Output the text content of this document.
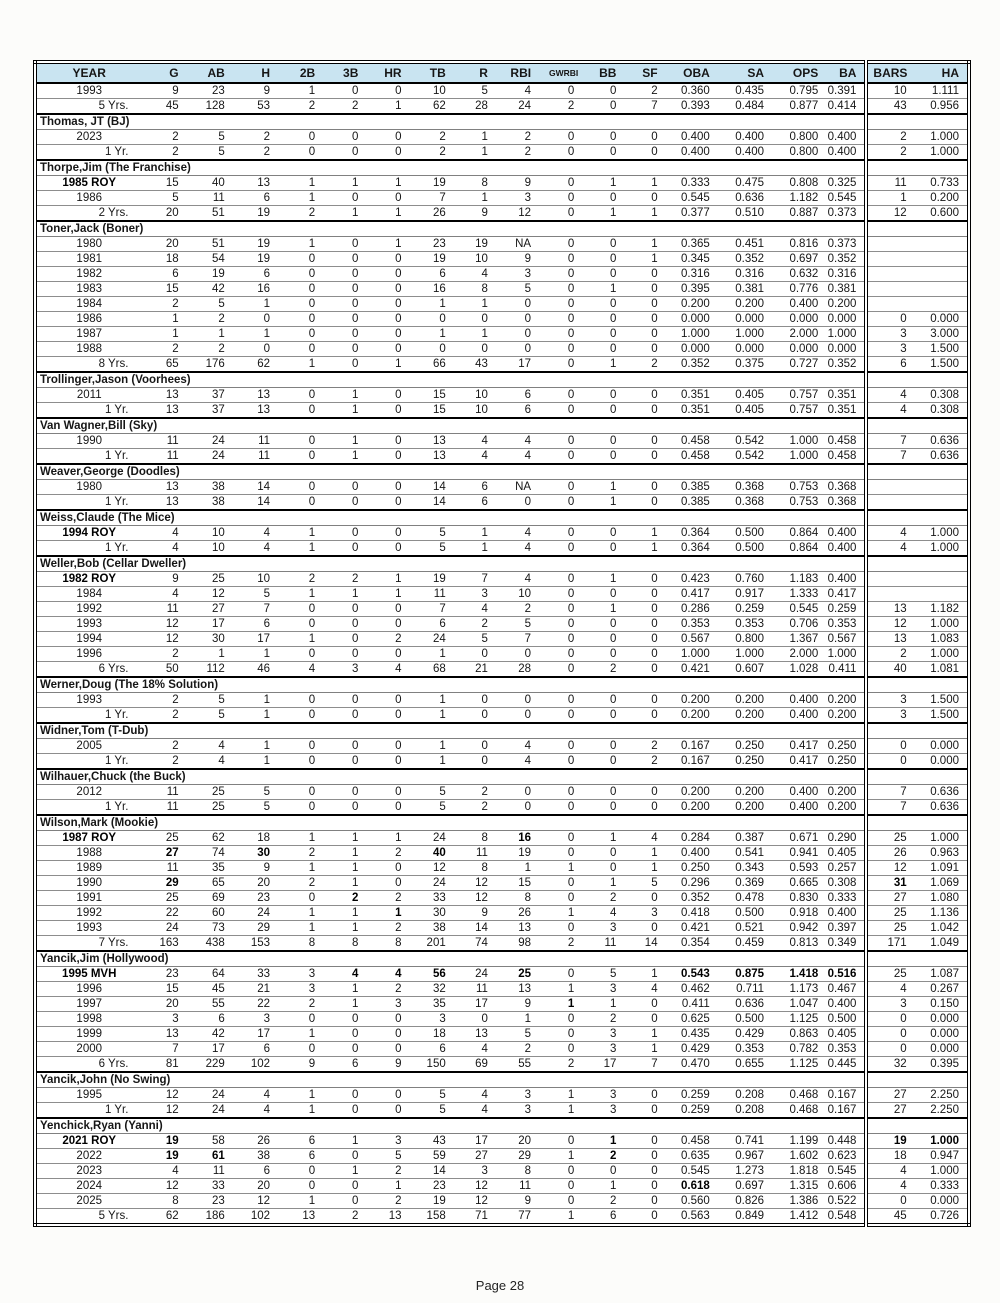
YEAR	G	AB	H	2B	3B	HR	TB	R	RBI	GWRBI	BB	SF	OBA	SA	OPS	BA	BARS	HA
1993	9	23	9	1	0	0	10	5	4	0	0	2	0.360	0.435	0.795	0.391	10	1.111
5 Yrs.	45	128	53	2	2	1	62	28	24	2	0	7	0.393	0.484	0.877	0.414	43	0.956
Thomas, JT (BJ)																		
2023	2	5	2	0	0	0	2	1	2	0	0	0	0.400	0.400	0.800	0.400	2	1.000
1 Yr.	2	5	2	0	0	0	2	1	2	0	0	0	0.400	0.400	0.800	0.400	2	1.000
Thorpe,Jim (The Franchise)																		
1985 ROY	15	40	13	1	1	1	19	8	9	0	1	1	0.333	0.475	0.808	0.325	11	0.733
1986	5	11	6	1	0	0	7	1	3	0	0	0	0.545	0.636	1.182	0.545	1	0.200
2 Yrs.	20	51	19	2	1	1	26	9	12	0	1	1	0.377	0.510	0.887	0.373	12	0.600
Toner,Jack (Boner)																		
1980	20	51	19	1	0	1	23	19	NA	0	0	1	0.365	0.451	0.816	0.373		
1981	18	54	19	0	0	0	19	10	9	0	0	1	0.345	0.352	0.697	0.352		
1982	6	19	6	0	0	0	6	4	3	0	0	0	0.316	0.316	0.632	0.316		
1983	15	42	16	0	0	0	16	8	5	0	1	0	0.395	0.381	0.776	0.381		
1984	2	5	1	0	0	0	1	1	0	0	0	0	0.200	0.200	0.400	0.200		
1986	1	2	0	0	0	0	0	0	0	0	0	0	0.000	0.000	0.000	0.000	0	0.000
1987	1	1	1	0	0	0	1	1	0	0	0	0	1.000	1.000	2.000	1.000	3	3.000
1988	2	2	0	0	0	0	0	0	0	0	0	0	0.000	0.000	0.000	0.000	3	1.500
8 Yrs.	65	176	62	1	0	1	66	43	17	0	1	2	0.352	0.375	0.727	0.352	6	1.500
Trollinger,Jason (Voorhees)																		
2011	13	37	13	0	1	0	15	10	6	0	0	0	0.351	0.405	0.757	0.351	4	0.308
1 Yr.	13	37	13	0	1	0	15	10	6	0	0	0	0.351	0.405	0.757	0.351	4	0.308
Van Wagner,Bill (Sky)																		
1990	11	24	11	0	1	0	13	4	4	0	0	0	0.458	0.542	1.000	0.458	7	0.636
1 Yr.	11	24	11	0	1	0	13	4	4	0	0	0	0.458	0.542	1.000	0.458	7	0.636
Weaver,George (Doodles)																		
1980	13	38	14	0	0	0	14	6	NA	0	1	0	0.385	0.368	0.753	0.368		
1 Yr.	13	38	14	0	0	0	14	6	0	0	1	0	0.385	0.368	0.753	0.368		
Weiss,Claude (The Mice)																		
1994 ROY	4	10	4	1	0	0	5	1	4	0	0	1	0.364	0.500	0.864	0.400	4	1.000
1 Yr.	4	10	4	1	0	0	5	1	4	0	0	1	0.364	0.500	0.864	0.400	4	1.000
Weller,Bob (Cellar Dweller)																		
1982 ROY	9	25	10	2	2	1	19	7	4	0	1	0	0.423	0.760	1.183	0.400		
1984	4	12	5	1	1	1	11	3	10	0	0	0	0.417	0.917	1.333	0.417		
1992	11	27	7	0	0	0	7	4	2	0	1	0	0.286	0.259	0.545	0.259	13	1.182
1993	12	17	6	0	0	0	6	2	5	0	0	0	0.353	0.353	0.706	0.353	12	1.000
1994	12	30	17	1	0	2	24	5	7	0	0	0	0.567	0.800	1.367	0.567	13	1.083
1996	2	1	1	0	0	0	1	0	0	0	0	0	1.000	1.000	2.000	1.000	2	1.000
6 Yrs.	50	112	46	4	3	4	68	21	28	0	2	0	0.421	0.607	1.028	0.411	40	1.081
Werner,Doug (The 18% Solution)																		
1993	2	5	1	0	0	0	1	0	0	0	0	0	0.200	0.200	0.400	0.200	3	1.500
1 Yr.	2	5	1	0	0	0	1	0	0	0	0	0	0.200	0.200	0.400	0.200	3	1.500
Widner,Tom (T-Dub)																		
2005	2	4	1	0	0	0	1	0	4	0	0	2	0.167	0.250	0.417	0.250	0	0.000
1 Yr.	2	4	1	0	0	0	1	0	4	0	0	2	0.167	0.250	0.417	0.250	0	0.000
Wilhauer,Chuck (the Buck)																		
2012	11	25	5	0	0	0	5	2	0	0	0	0	0.200	0.200	0.400	0.200	7	0.636
1 Yr.	11	25	5	0	0	0	5	2	0	0	0	0	0.200	0.200	0.400	0.200	7	0.636
Wilson,Mark (Mookie)																		
1987 ROY	25	62	18	1	1	1	24	8	16	0	1	4	0.284	0.387	0.671	0.290	25	1.000
1988	27	74	30	2	1	2	40	11	19	0	0	1	0.400	0.541	0.941	0.405	26	0.963
1989	11	35	9	1	1	0	12	8	1	1	0	1	0.250	0.343	0.593	0.257	12	1.091
1990	29	65	20	2	1	0	24	12	15	0	1	5	0.296	0.369	0.665	0.308	31	1.069
1991	25	69	23	0	2	2	33	12	8	0	2	0	0.352	0.478	0.830	0.333	27	1.080
1992	22	60	24	1	1	1	30	9	26	1	4	3	0.418	0.500	0.918	0.400	25	1.136
1993	24	73	29	1	1	2	38	14	13	0	3	0	0.421	0.521	0.942	0.397	25	1.042
7 Yrs.	163	438	153	8	8	8	201	74	98	2	11	14	0.354	0.459	0.813	0.349	171	1.049
Yancik,Jim (Hollywood)																		
1995 MVH	23	64	33	3	4	4	56	24	25	0	5	1	0.543	0.875	1.418	0.516	25	1.087
1996	15	45	21	3	1	2	32	11	13	1	3	4	0.462	0.711	1.173	0.467	4	0.267
1997	20	55	22	2	1	3	35	17	9	1	1	0	0.411	0.636	1.047	0.400	3	0.150
1998	3	6	3	0	0	0	3	0	1	0	2	0	0.625	0.500	1.125	0.500	0	0.000
1999	13	42	17	1	0	0	18	13	5	0	3	1	0.435	0.429	0.863	0.405	0	0.000
2000	7	17	6	0	0	0	6	4	2	0	3	1	0.429	0.353	0.782	0.353	0	0.000
6 Yrs.	81	229	102	9	6	9	150	69	55	2	17	7	0.470	0.655	1.125	0.445	32	0.395
Yancik,John (No Swing)																		
1995	12	24	4	1	0	0	5	4	3	1	3	0	0.259	0.208	0.468	0.167	27	2.250
1 Yr.	12	24	4	1	0	0	5	4	3	1	3	0	0.259	0.208	0.468	0.167	27	2.250
Yenchick,Ryan (Yanni)																		
2021 ROY	19	58	26	6	1	3	43	17	20	0	1	0	0.458	0.741	1.199	0.448	19	1.000
2022	19	61	38	6	0	5	59	27	29	1	2	0	0.635	0.967	1.602	0.623	18	0.947
2023	4	11	6	0	1	2	14	3	8	0	0	0	0.545	1.273	1.818	0.545	4	1.000
2024	12	33	20	0	0	1	23	12	11	0	1	0	0.618	0.697	1.315	0.606	4	0.333
2025	8	23	12	1	0	2	19	12	9	0	2	0	0.560	0.826	1.386	0.522	0	0.000
5 Yrs.	62	186	102	13	2	13	158	71	77	1	6	0	0.563	0.849	1.412	0.548	45	0.726
Page 28
